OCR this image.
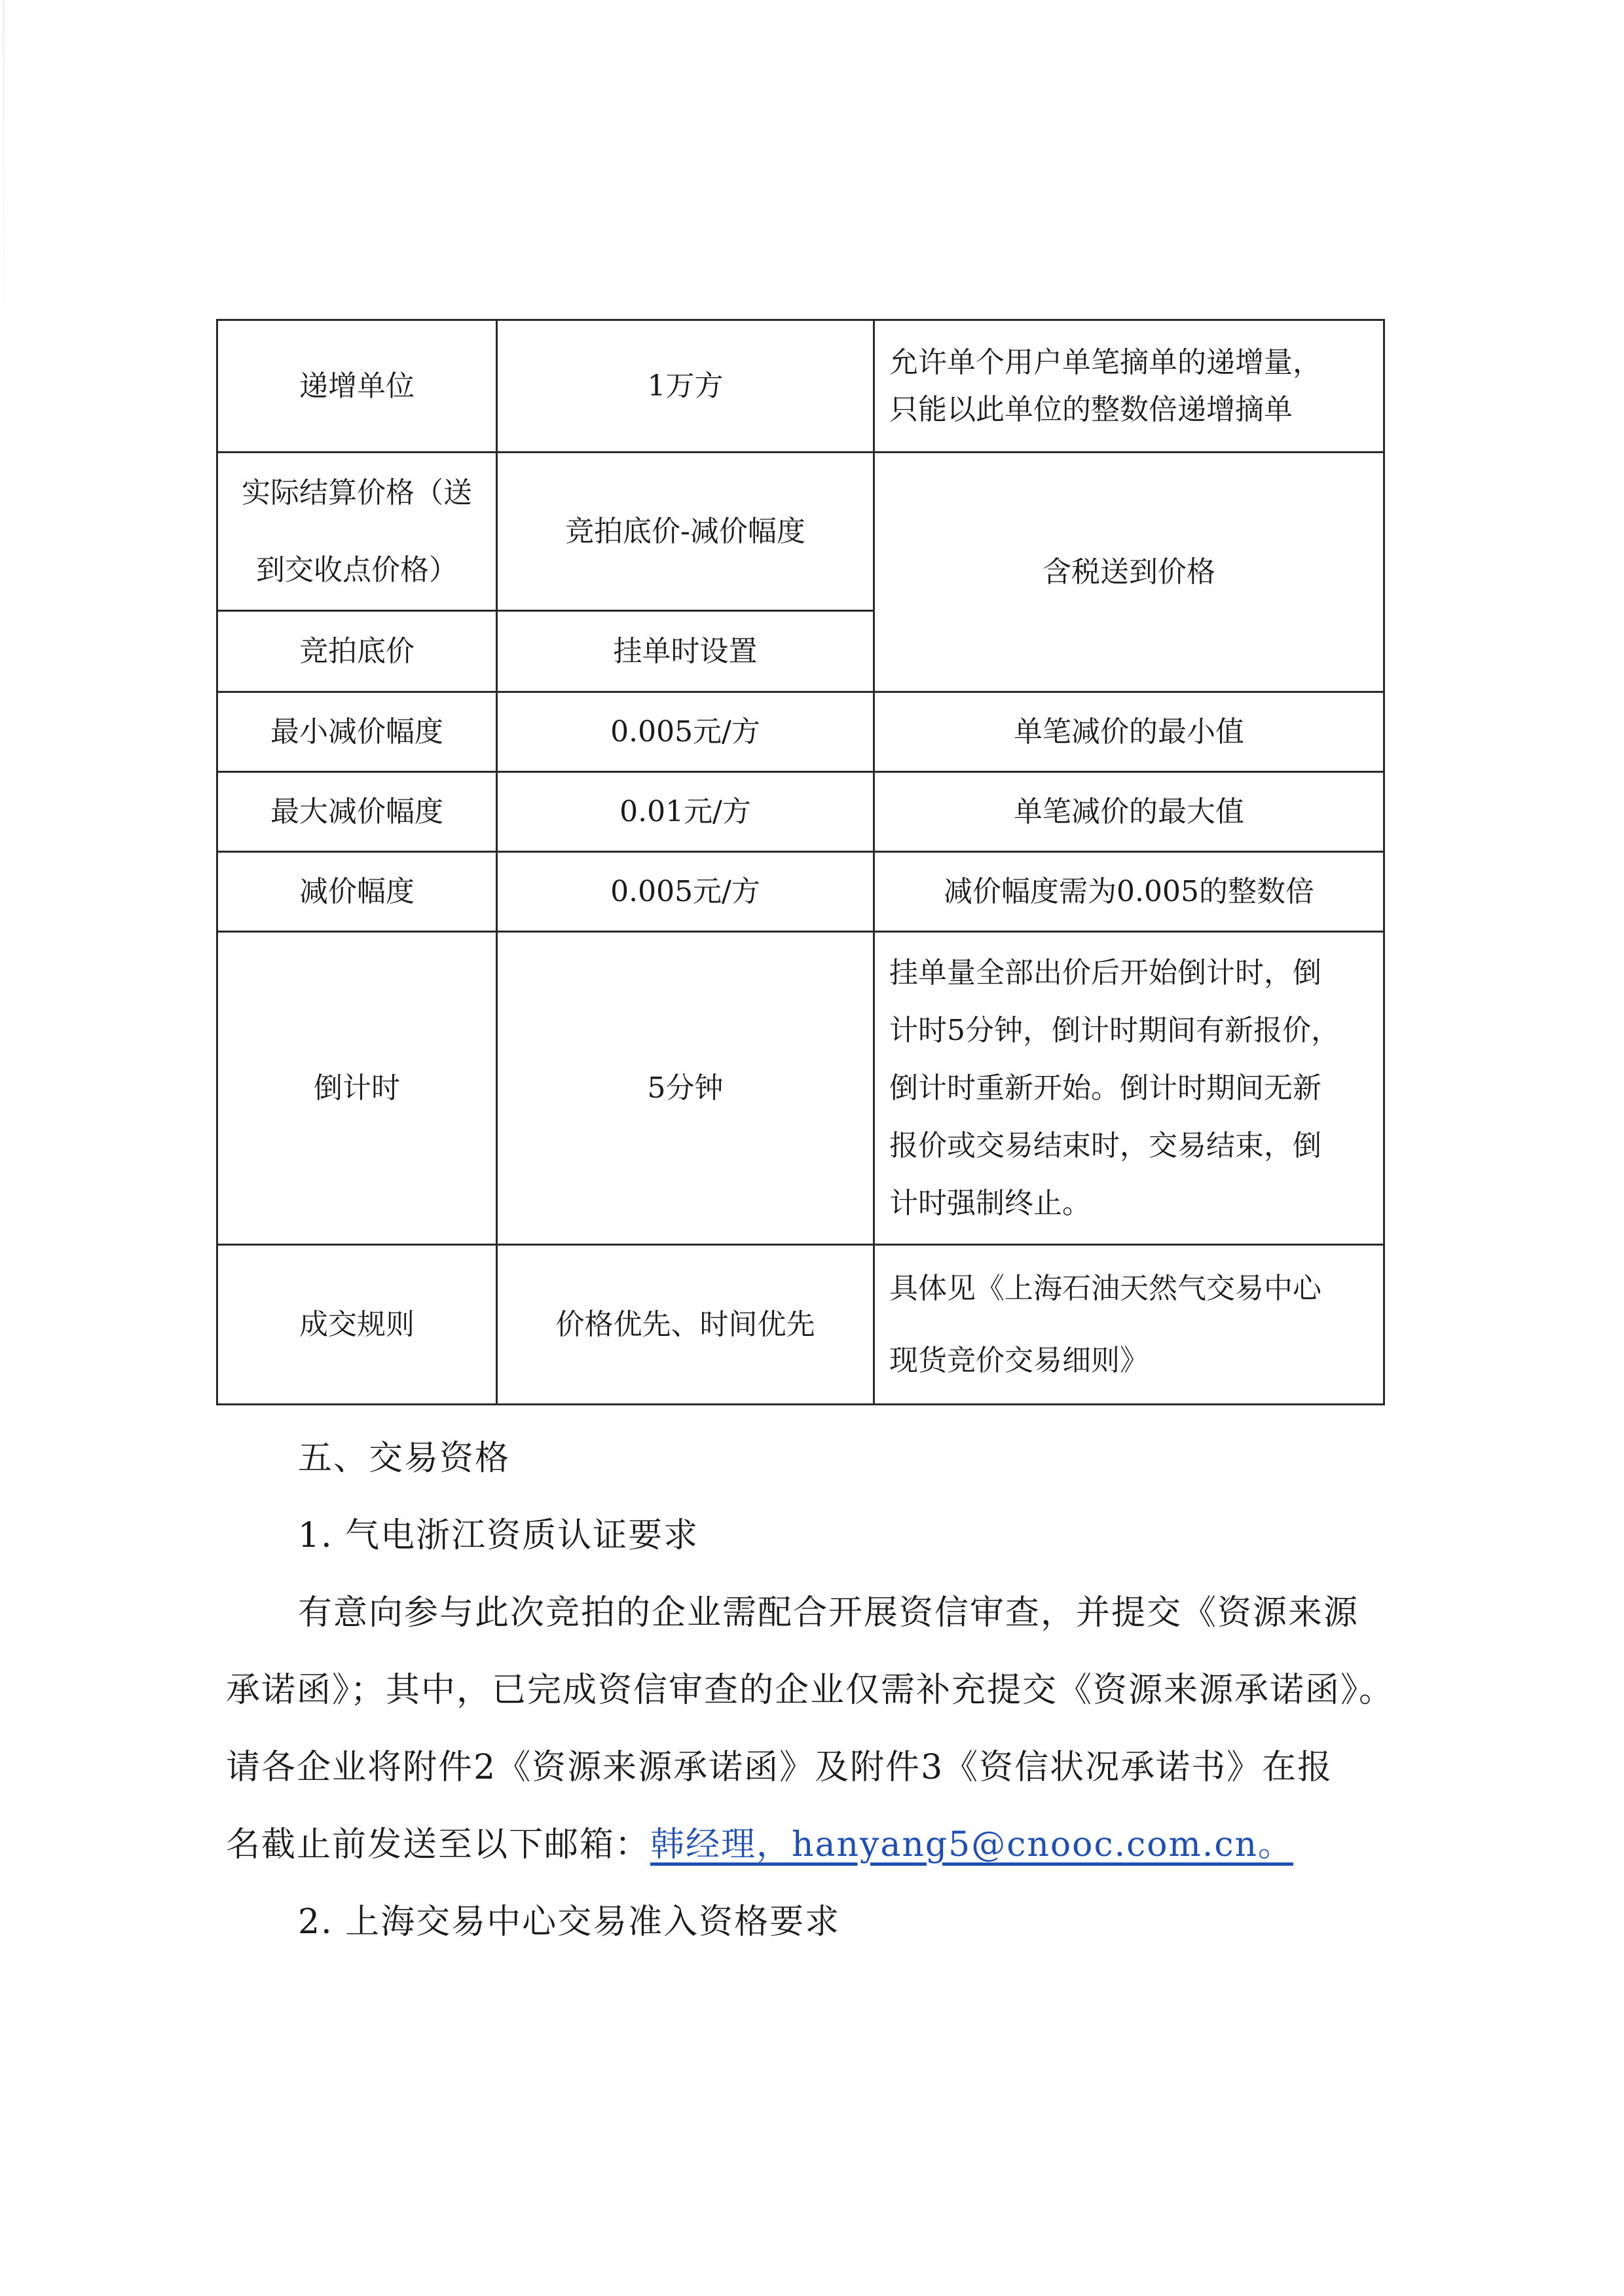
递增单位	1万方	允许单个用户单笔摘单的递增量，
只能以此单位的整数倍递增摘单

实际结算价格（送
到交收点价格）	竞拍底价-减价幅度	含税送到价格
竞拍底价	挂单时设置	
最小减价幅度	0.005元/方	单笔减价的最小值
最大减价幅度	0.01元/方	单笔减价的最大值
减价幅度	0.005元/方	减价幅度需为0.005的整数倍
倒计时	5分钟	挂单量全部出价后开始倒计时，倒
计时5分钟，倒计时期间有新报价，
倒计时重新开始。倒计时期间无新
报价或交易结束时，交易结束，倒
计时强制终止。

成交规则	价格优先、时间优先	具体见《上海石油天然气交易中心
现货竞价交易细则》
五、交易资格
1. 气电浙江资质认证要求
有意向参与此次竞拍的企业需配合开展资信审查，并提交《资源来源
承诺函》；其中，已完成资信审查的企业仅需补充提交《资源来源承诺函》。
请各企业将附件2《资源来源承诺函》及附件3《资信状况承诺书》在报
名截止前发送至以下邮箱：韩经理，hanyang5@cnooc.com.cn。
2. 上海交易中心交易准入资格要求
